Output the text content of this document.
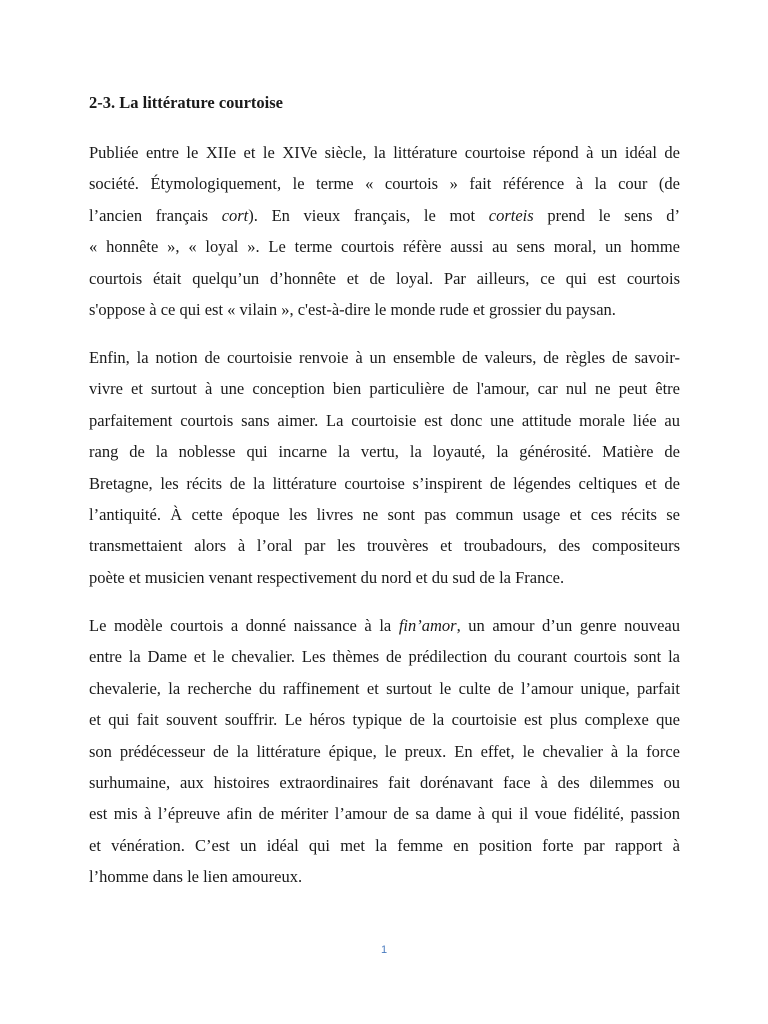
2-3. La littérature courtoise

Publiée entre le XIIe et le XIVe siècle, la littérature courtoise répond à un idéal de
société. Étymologiquement, le terme « courtois » fait référence à la cour (de
l’ancien français cort). En vieux français, le mot corteis prend le sens d’
« honnête », « loyal ». Le terme courtois réfère aussi au sens moral, un homme
courtois était quelqu’un d’honnête et de loyal. Par ailleurs, ce qui est courtois
s'oppose à ce qui est « vilain », c'est-à-dire le monde rude et grossier du paysan.

Enfin, la notion de courtoisie renvoie à un ensemble de valeurs, de règles de savoir-
vivre et surtout à une conception bien particulière de l'amour, car nul ne peut être
parfaitement courtois sans aimer. La courtoisie est donc une attitude morale liée au
rang de la noblesse qui incarne la vertu, la loyauté, la générosité. Matière de
Bretagne, les récits de la littérature courtoise s’inspirent de légendes celtiques et de
l’antiquité. À cette époque les livres ne sont pas commun usage et ces récits se
transmettaient alors à l’oral par les trouvères et troubadours, des compositeurs
poète et musicien venant respectivement du nord et du sud de la France.

Le modèle courtois a donné naissance à la fin’amor, un amour d’un genre nouveau
entre la Dame et le chevalier. Les thèmes de prédilection du courant courtois sont la
chevalerie, la recherche du raffinement et surtout le culte de l’amour unique, parfait
et qui fait souvent souffrir. Le héros typique de la courtoisie est plus complexe que
son prédécesseur de la littérature épique, le preux. En effet, le chevalier à la force
surhumaine, aux histoires extraordinaires fait dorénavant face à des dilemmes ou
est mis à l’épreuve afin de mériter l’amour de sa dame à qui il voue fidélité, passion
et vénération. C’est un idéal qui met la femme en position forte par rapport à
l’homme dans le lien amoureux.

1
